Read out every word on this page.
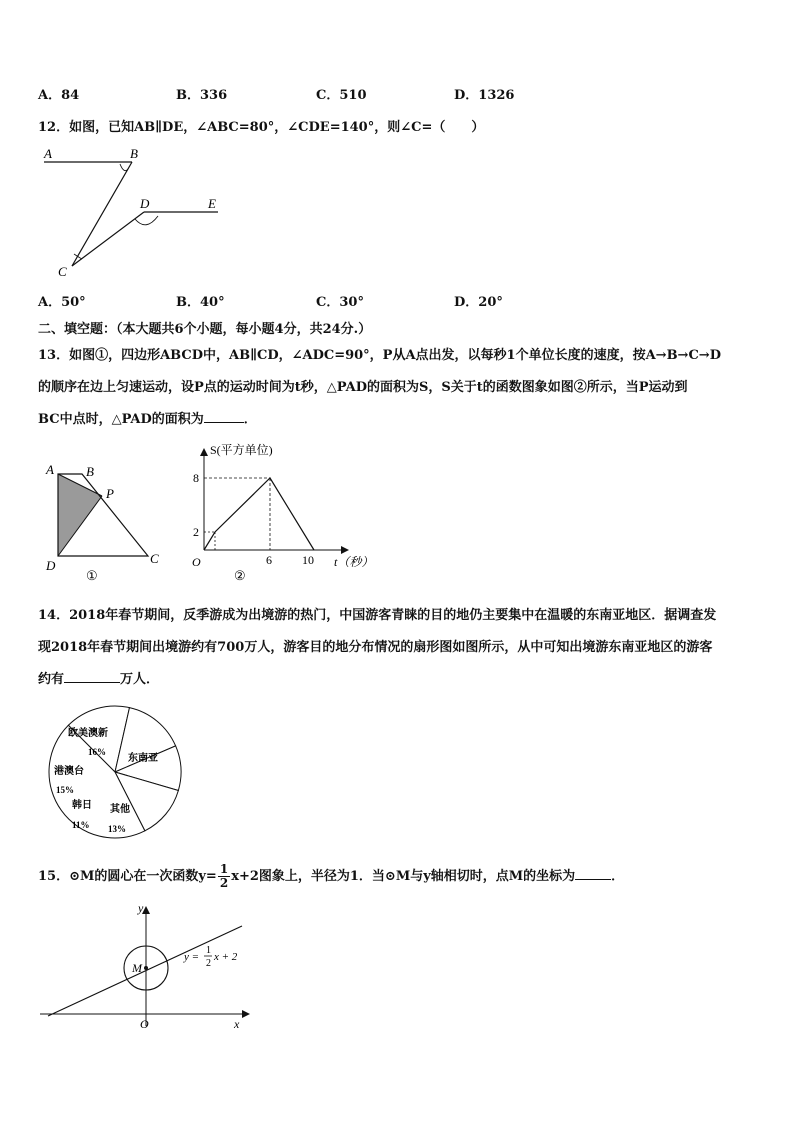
A．84	B．336	C．510	D．1326
12．如图，已知AB∥DE，∠ABC=80°，∠CDE=140°，则∠C=（　　）
A	B
C
D	E
A．50°	B．40°	C．30°	D．20°
二、填空题：（本大题共6个小题，每小题4分，共24分.）
13．如图①，四边形ABCD中，AB∥CD，∠ADC=90°，P从A点出发，以每秒1个单位长度的速度，按A→B→C→D
的顺序在边上匀速运动，设P点的运动时间为t秒，△PAD的面积为S，S关于t的函数图象如图②所示，当P运动到
BC中点时，△PAD的面积为	．
A B
C
D
P
①
S(平方单位)
t（秒）
O
8
2
6	10
②
14．2018年春节期间，反季游成为出境游的热门，中国游客青睐的目的地仍主要集中在温暖的东南亚地区．据调查发
现2018年春节期间出境游约有700万人，游客目的地分布情况的扇形图如图所示，从中可知出境游东南亚地区的游客
约有	万人．
欧美澳新
16%
港澳台
15%
韩日
11%
其他
13%
东南亚
15．⊙M的圆心在一次函数$y= \frac{1}{2} x+2$图象上，半径为1．当⊙M与y轴相切时，点M的坐标为	．
M
y
x
O
y =
1
2
x + 2
